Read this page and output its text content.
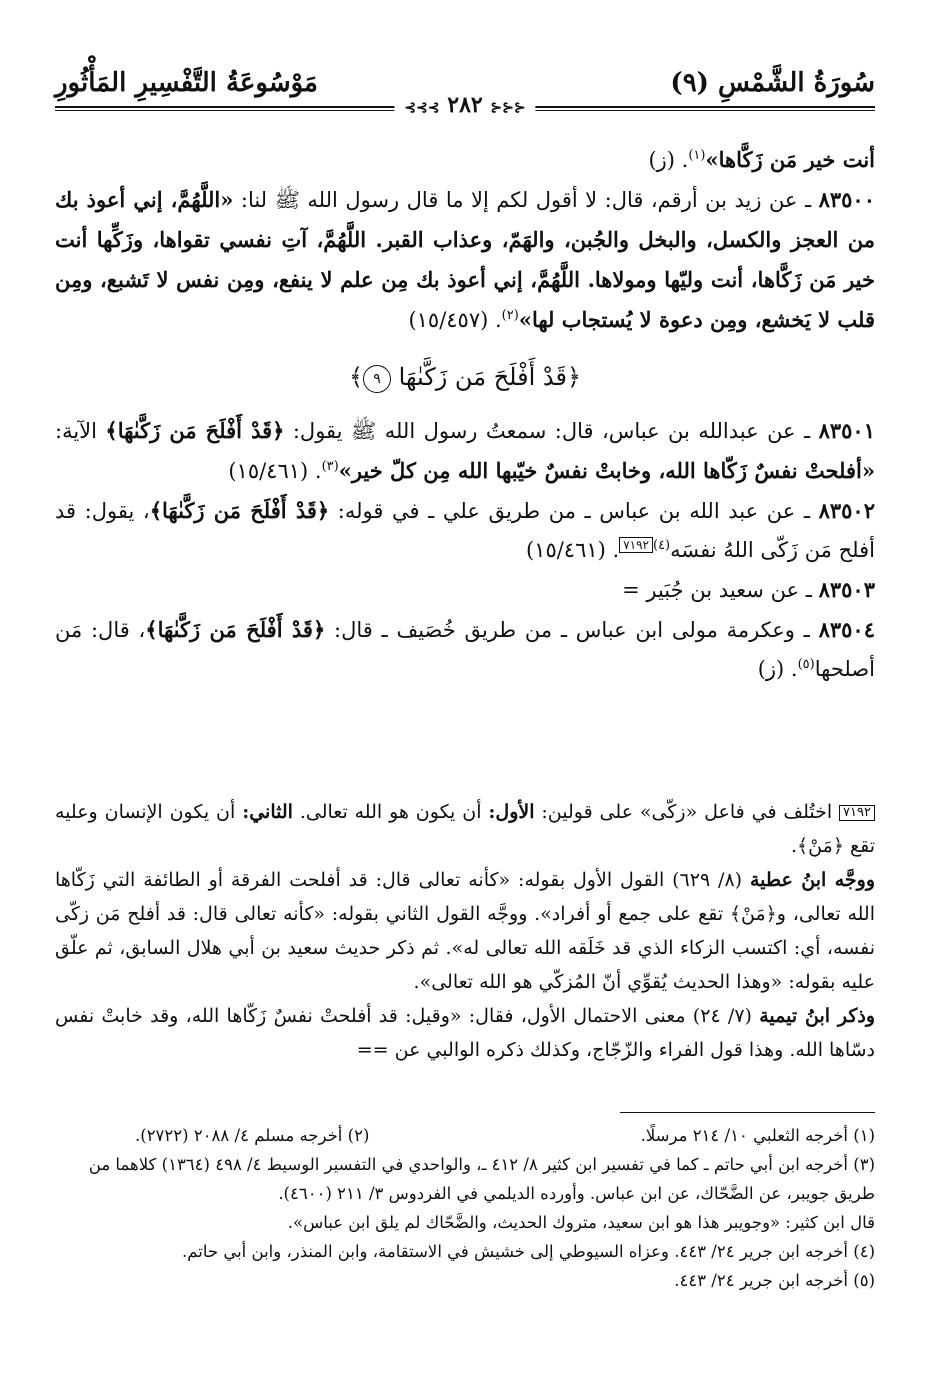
سُورَةُ الشَّمْسِ (٩)
مَوْسُوعَةُ التَّفْسِيرِ المَأْثُورِ
⊰⊰⊰ ٢٨٢ ⊱⊱⊱

أنت خير مَن زَكَّاها»$^{(١)}$. (ز)

٨٣٥٠٠ ـ عن زيد بن أرقم، قال: لا أقول لكم إلا ما قال رسول الله ﷺ لنا: «اللَّهُمَّ، إني أعوذ بك من العجز والكسل، والبخل والجُبن، والهَمّ، وعذاب القبر. اللَّهُمَّ، آتِ نفسي تقواها، وزَكِّها أنت خير مَن زَكَّاها، أنت وليّها ومولاها. اللَّهُمَّ، إني أعوذ بك مِن علم لا ينفع، ومِن نفس لا تَشبع، ومِن قلب لا يَخشع، ومِن دعوة لا يُستجاب لها»$^{(٢)}$. (١٥/٤٥٧)

﴿قَدْ أَفْلَحَ مَن زَكَّىٰهَا ٩﴾

٨٣٥٠١ ـ عن عبدالله بن عباس، قال: سمعتُ رسول الله ﷺ يقول: ﴿قَدْ أَفْلَحَ مَن زَكَّىٰهَا﴾ الآية: «أفلحتْ نفسٌ زَكّاها الله، وخابتْ نفسٌ خيّبها الله مِن كلّ خير»$^{(٣)}$. (١٥/٤٦١)

٨٣٥٠٢ ـ عن عبد الله بن عباس ـ من طريق علي ـ في قوله: ﴿قَدْ أَفْلَحَ مَن زَكَّىٰهَا﴾، يقول: قد أفلح مَن زَكّى اللهُ نفسَه$^{(٤)}$٧١٩٢. (١٥/٤٦١)

٨٣٥٠٣ ـ عن سعيد بن جُبَير =

٨٣٥٠٤ ـ وعكرمة مولى ابن عباس ـ من طريق خُصَيف ـ قال: ﴿قَدْ أَفْلَحَ مَن زَكَّىٰهَا﴾، قال: مَن أصلحها$^{(٥)}$. (ز)

٧١٩٢ اختُلف في فاعل «زكّى» على قولين: الأول: أن يكون هو الله تعالى. الثاني: أن يكون الإنسان وعليه تقع ﴿مَنْ﴾.

ووجَّه ابنُ عطية (٨/ ٦٢٩) القول الأول بقوله: «كأنه تعالى قال: قد أفلحت الفرقة أو الطائفة التي زَكّاها الله تعالى، و﴿مَنْ﴾ تقع على جمع أو أفراد». ووجَّه القول الثاني بقوله: «كأنه تعالى قال: قد أفلح مَن زكّى نفسه، أي: اكتسب الزكاء الذي قد خَلَقه الله تعالى له». ثم ذكر حديث سعيد بن أبي هلال السابق، ثم علّق عليه بقوله: «وهذا الحديث يُقوِّي أنّ المُزكّي هو الله تعالى».

وذكر ابنُ تيمية (٧/ ٢٤) معنى الاحتمال الأول، فقال: «وقيل: قد أفلحتْ نفسٌ زَكّاها الله، وقد خابتْ نفس دسّاها الله. وهذا قول الفراء والزّجّاج، وكذلك ذكره الوالبي عن ==

(١) أخرجه الثعلبي ١٠/ ٢١٤ مرسلًا.
(٢) أخرجه مسلم ٤/ ٢٠٨٨ (٢٧٢٢).

(٣) أخرجه ابن أبي حاتم ـ كما في تفسير ابن كثير ٨/ ٤١٢ ـ، والواحدي في التفسير الوسيط ٤/ ٤٩٨ (١٣٦٤) كلاهما من طريق جويبر، عن الضَّحّاك، عن ابن عباس. وأورده الديلمي في الفردوس ٣/ ٢١١ (٤٦٠٠).

قال ابن كثير: «وجويبر هذا هو ابن سعيد، متروك الحديث، والضَّحّاك لم يلق ابن عباس».

(٤) أخرجه ابن جرير ٢٤/ ٤٤٣. وعزاه السيوطي إلى خشيش في الاستقامة، وابن المنذر، وابن أبي حاتم.

(٥) أخرجه ابن جرير ٢٤/ ٤٤٣.
